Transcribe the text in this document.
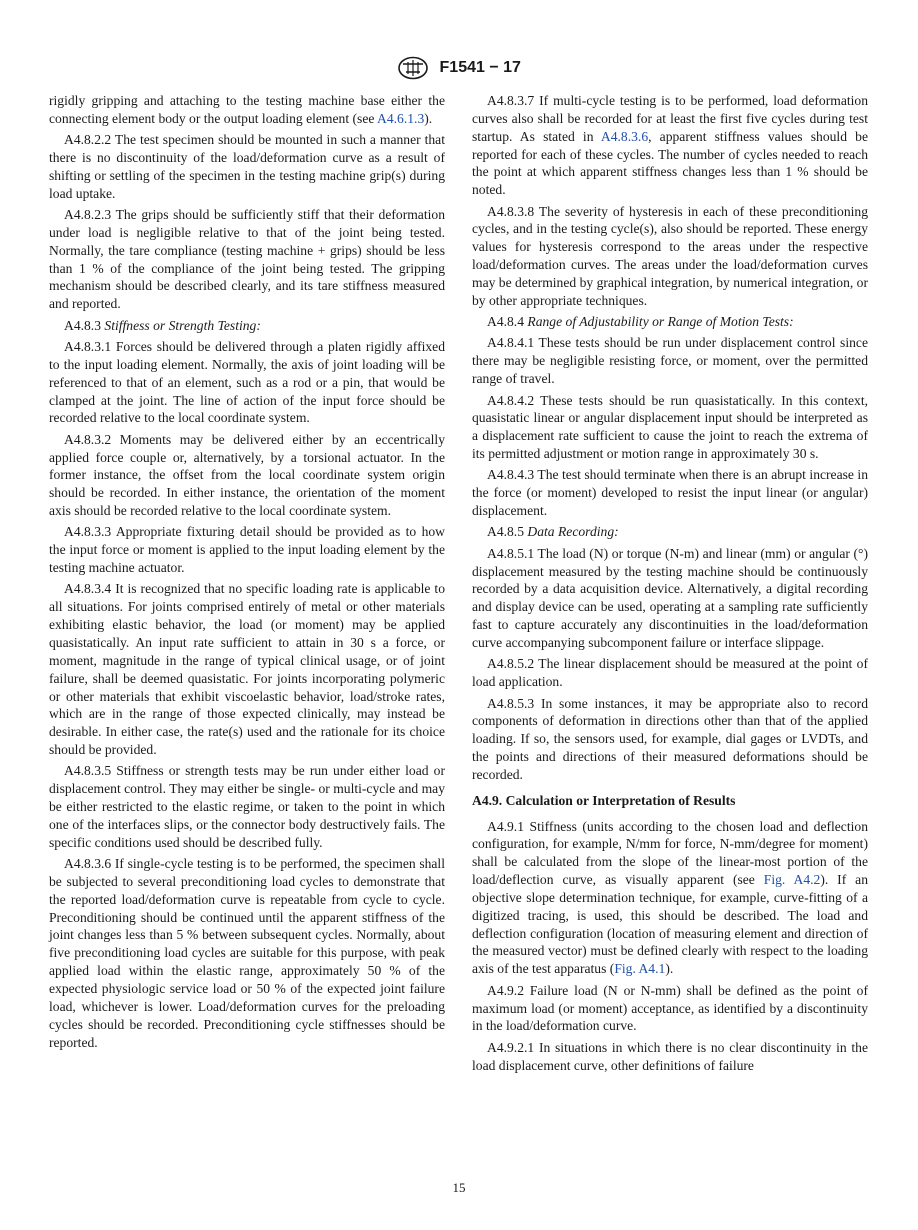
F1541 − 17

rigidly gripping and attaching to the testing machine base either the connecting element body or the output loading element (see A4.6.1.3).

A4.8.2.2 The test specimen should be mounted in such a manner that there is no discontinuity of the load/deformation curve as a result of shifting or settling of the specimen in the testing machine grip(s) during load uptake.

A4.8.2.3 The grips should be sufficiently stiff that their deformation under load is negligible relative to that of the joint being tested. Normally, the tare compliance (testing machine + grips) should be less than 1 % of the compliance of the joint being tested. The gripping mechanism should be described clearly, and its tare stiffness measured and reported.

A4.8.3 Stiffness or Strength Testing:

A4.8.3.1 Forces should be delivered through a platen rigidly affixed to the input loading element. Normally, the axis of joint loading will be referenced to that of an element, such as a rod or a pin, that would be clamped at the joint. The line of action of the input force should be recorded relative to the local coordinate system.

A4.8.3.2 Moments may be delivered either by an eccentrically applied force couple or, alternatively, by a torsional actuator. In the former instance, the offset from the local coordinate system origin should be recorded. In either instance, the orientation of the moment axis should be recorded relative to the local coordinate system.

A4.8.3.3 Appropriate fixturing detail should be provided as to how the input force or moment is applied to the input loading element by the testing machine actuator.

A4.8.3.4 It is recognized that no specific loading rate is applicable to all situations. For joints comprised entirely of metal or other materials exhibiting elastic behavior, the load (or moment) may be applied quasistatically. An input rate sufficient to attain in 30 s a force, or moment, magnitude in the range of typical clinical usage, or of joint failure, shall be deemed quasistatic. For joints incorporating polymeric or other materials that exhibit viscoelastic behavior, load/stroke rates, which are in the range of those expected clinically, may instead be desirable. In either case, the rate(s) used and the rationale for its choice should be provided.

A4.8.3.5 Stiffness or strength tests may be run under either load or displacement control. They may either be single- or multi-cycle and may be either restricted to the elastic regime, or taken to the point in which one of the interfaces slips, or the connector body destructively fails. The specific conditions used should be described fully.

A4.8.3.6 If single-cycle testing is to be performed, the specimen shall be subjected to several preconditioning load cycles to demonstrate that the reported load/deformation curve is repeatable from cycle to cycle. Preconditioning should be continued until the apparent stiffness of the joint changes less than 5 % between subsequent cycles. Normally, about five preconditioning load cycles are suitable for this purpose, with peak applied load within the elastic range, approximately 50 % of the expected physiologic service load or 50 % of the expected joint failure load, whichever is lower. Load/deformation curves for the preloading cycles should be recorded. Preconditioning cycle stiffnesses should be reported.

A4.8.3.7 If multi-cycle testing is to be performed, load deformation curves also shall be recorded for at least the first five cycles during test startup. As stated in A4.8.3.6, apparent stiffness values should be reported for each of these cycles. The number of cycles needed to reach the point at which apparent stiffness changes less than 1 % should be noted.

A4.8.3.8 The severity of hysteresis in each of these preconditioning cycles, and in the testing cycle(s), also should be reported. These energy values for hysteresis correspond to the areas under the respective load/deformation curves. The areas under the load/deformation curves may be determined by graphical integration, by numerical integration, or by other appropriate techniques.

A4.8.4 Range of Adjustability or Range of Motion Tests:

A4.8.4.1 These tests should be run under displacement control since there may be negligible resisting force, or moment, over the permitted range of travel.

A4.8.4.2 These tests should be run quasistatically. In this context, quasistatic linear or angular displacement input should be interpreted as a displacement rate sufficient to cause the joint to reach the extrema of its permitted adjustment or motion range in approximately 30 s.

A4.8.4.3 The test should terminate when there is an abrupt increase in the force (or moment) developed to resist the input linear (or angular) displacement.

A4.8.5 Data Recording:

A4.8.5.1 The load (N) or torque (N-m) and linear (mm) or angular (°) displacement measured by the testing machine should be continuously recorded by a data acquisition device. Alternatively, a digital recording and display device can be used, operating at a sampling rate sufficiently fast to capture accurately any discontinuities in the load/deformation curve accompanying subcomponent failure or interface slippage.

A4.8.5.2 The linear displacement should be measured at the point of load application.

A4.8.5.3 In some instances, it may be appropriate also to record components of deformation in directions other than that of the applied loading. If so, the sensors used, for example, dial gages or LVDTs, and the points and directions of their measured deformations should be recorded.

A4.9. Calculation or Interpretation of Results

A4.9.1 Stiffness (units according to the chosen load and deflection configuration, for example, N/mm for force, N-mm/degree for moment) shall be calculated from the slope of the linear-most portion of the load/deflection curve, as visually apparent (see Fig. A4.2). If an objective slope determination technique, for example, curve-fitting of a digitized tracing, is used, this should be described. The load and deflection configuration (location of measuring element and direction of the measured vector) must be defined clearly with respect to the loading axis of the test apparatus (Fig. A4.1).

A4.9.2 Failure load (N or N-mm) shall be defined as the point of maximum load (or moment) acceptance, as identified by a discontinuity in the load/deformation curve.

A4.9.2.1 In situations in which there is no clear discontinuity in the load displacement curve, other definitions of failure

15
